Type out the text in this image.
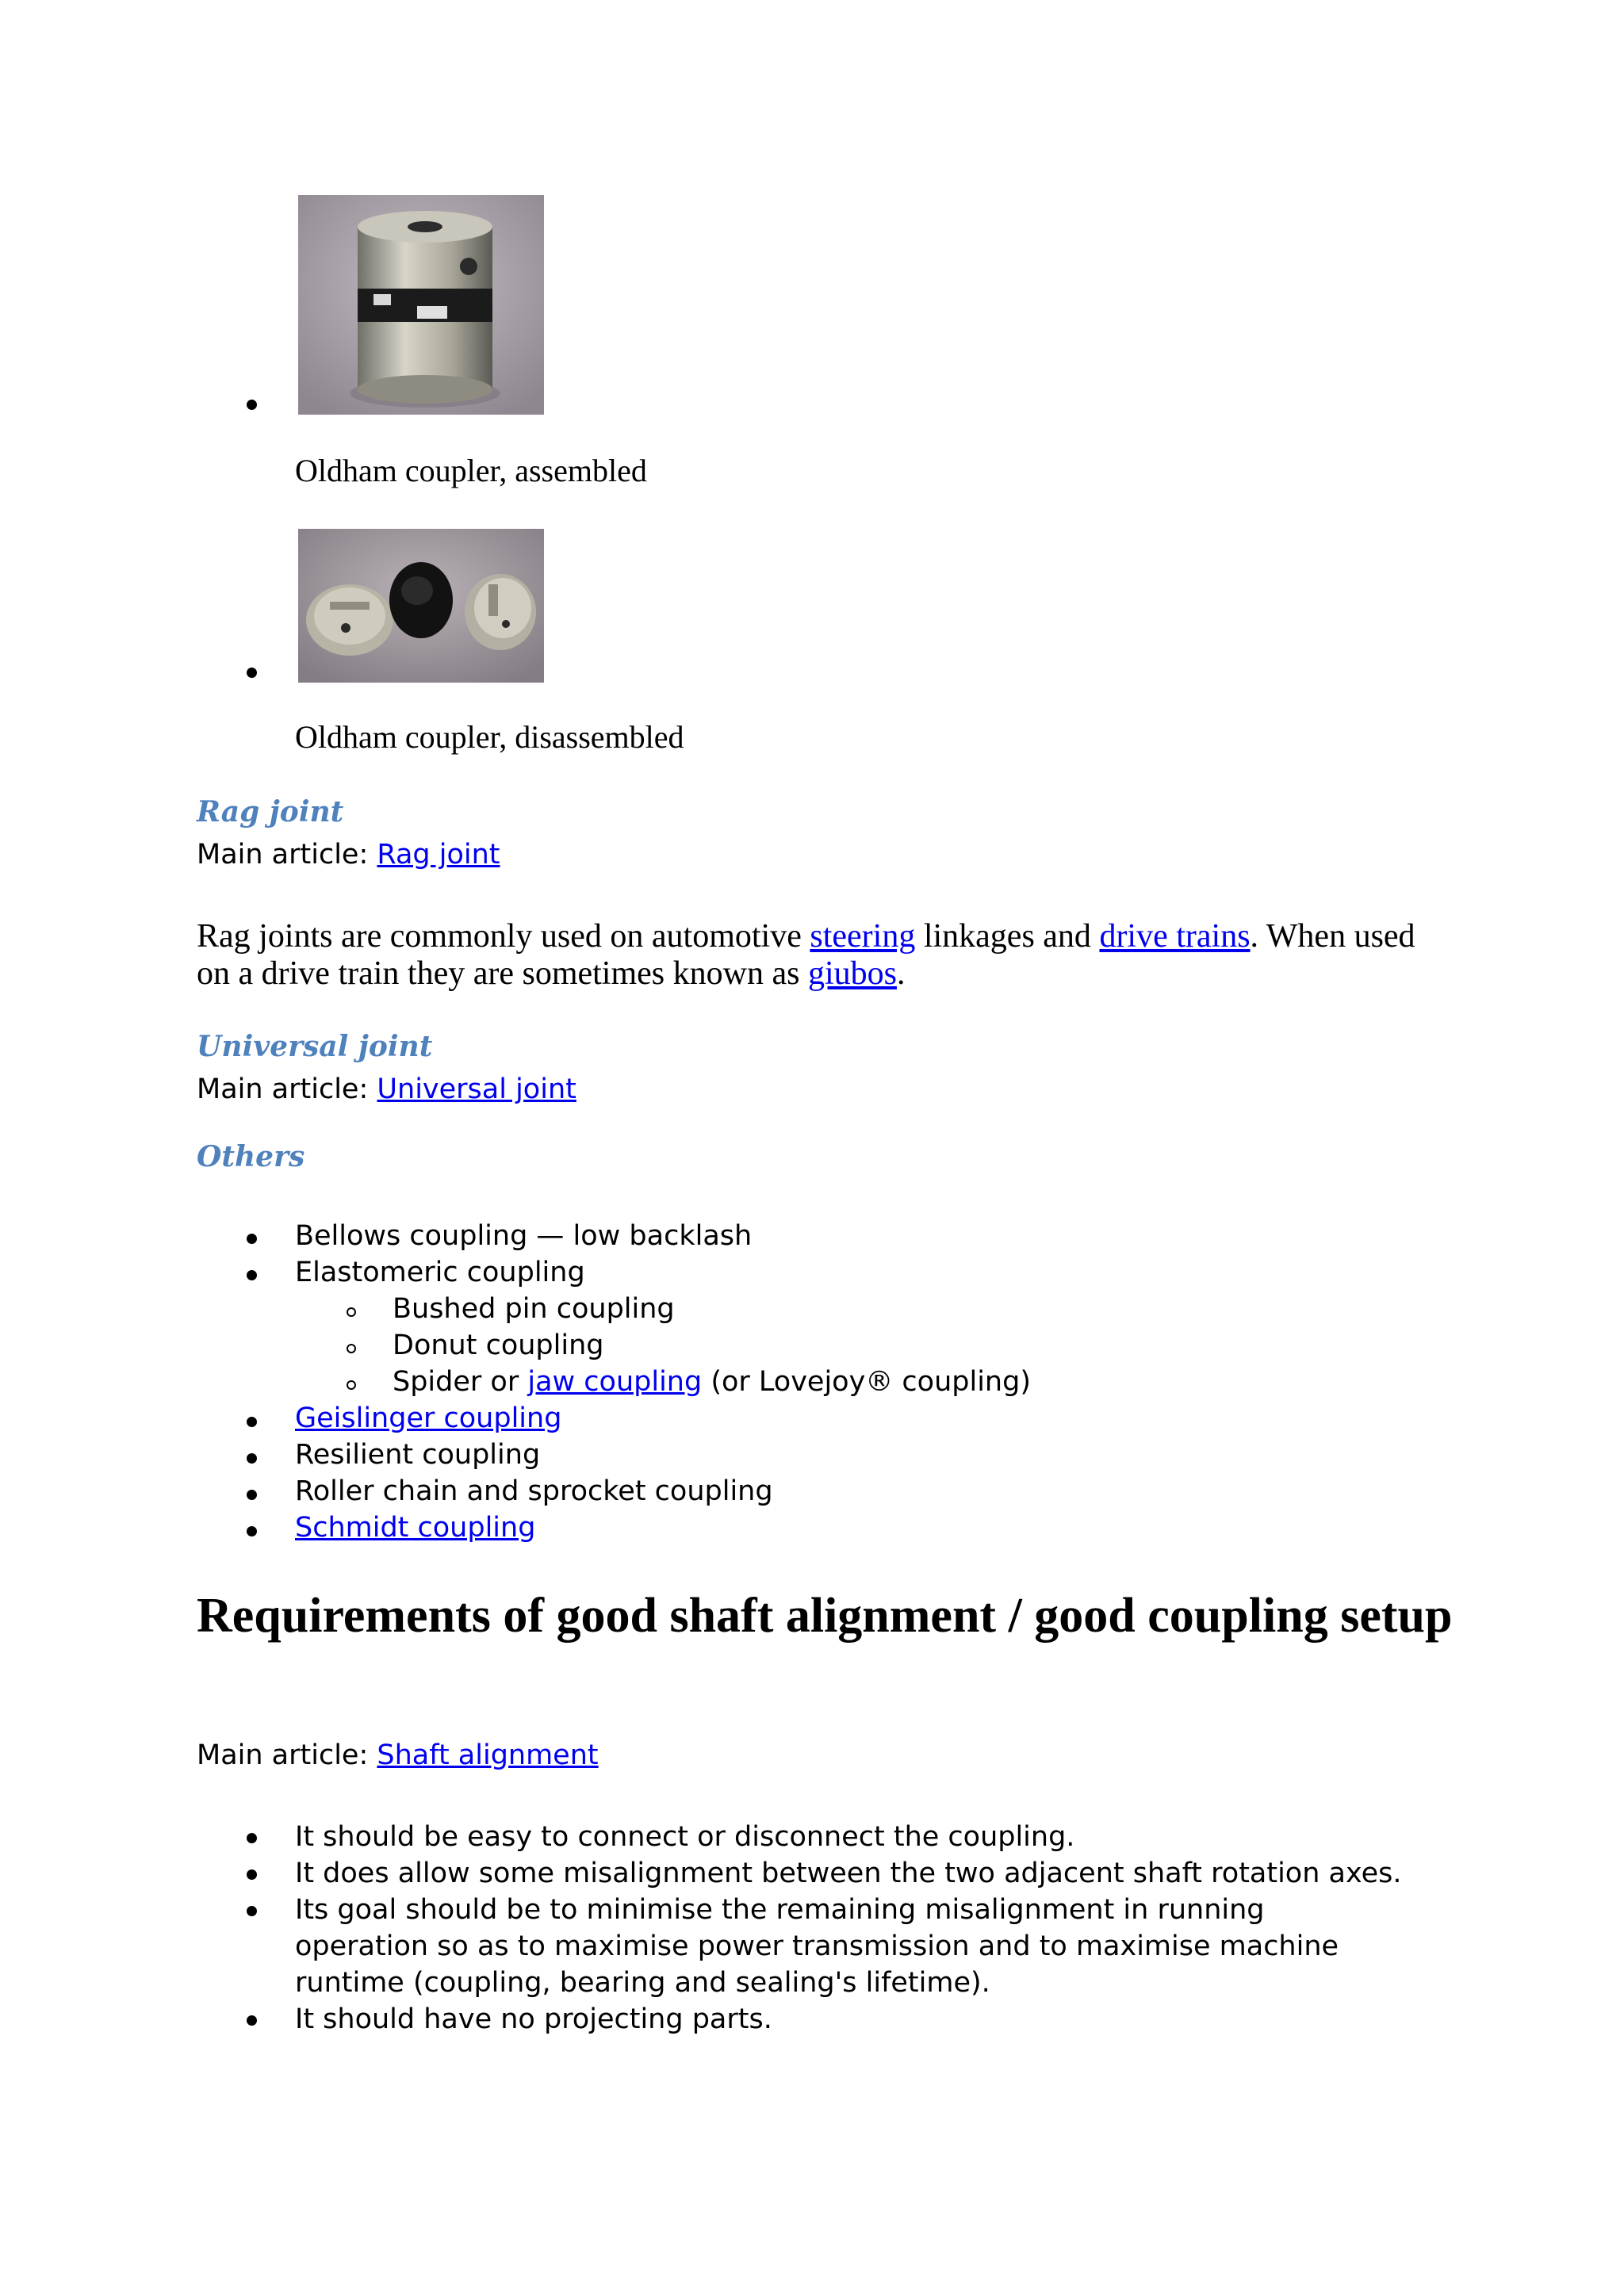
Oldham coupler, assembled
Oldham coupler, disassembled
Rag joint
Main article: Rag joint
Rag joints are commonly used on automotive steering linkages and drive trains. When used on a drive train they are sometimes known as giubos.
Universal joint
Main article: Universal joint
Others
Bellows coupling — low backlash
Elastomeric coupling
Bushed pin coupling
Donut coupling
Spider or jaw coupling (or Lovejoy® coupling)
Geislinger coupling
Resilient coupling
Roller chain and sprocket coupling
Schmidt coupling
Requirements of good shaft alignment / good coupling setup
Main article: Shaft alignment
It should be easy to connect or disconnect the coupling.
It does allow some misalignment between the two adjacent shaft rotation axes.
Its goal should be to minimise the remaining misalignment in running operation so as to maximise power transmission and to maximise machine runtime (coupling, bearing and sealing's lifetime).
It should have no projecting parts.
